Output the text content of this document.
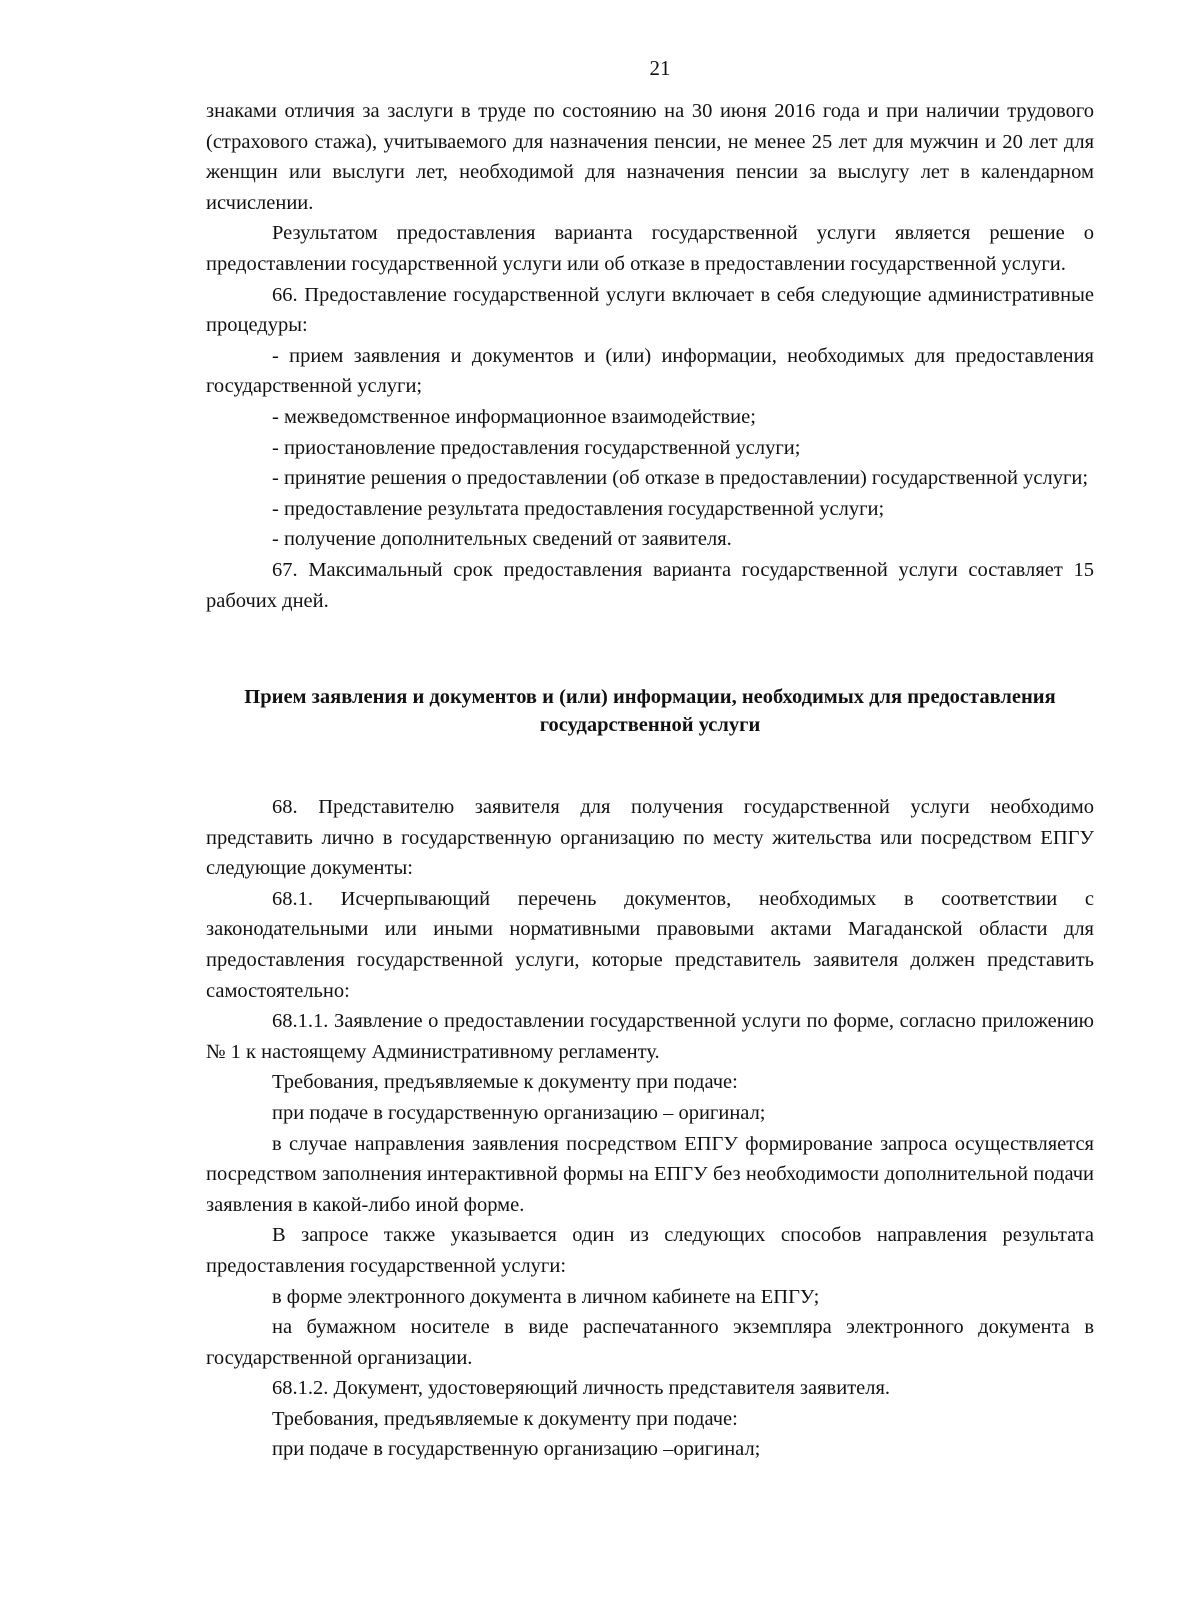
21

знаками отличия за заслуги в труде по состоянию на 30 июня 2016 года и при наличии трудового (страхового стажа), учитываемого для назначения пенсии, не менее 25 лет для мужчин и 20 лет для женщин или выслуги лет, необходимой для назначения пенсии за выслугу лет в календарном исчислении.

Результатом предоставления варианта государственной услуги является решение о предоставлении государственной услуги или об отказе в предоставлении государственной услуги.

66. Предоставление государственной услуги включает в себя следующие административные процедуры:

- прием заявления и документов и (или) информации, необходимых для предоставления государственной услуги;

- межведомственное информационное взаимодействие;

- приостановление предоставления государственной услуги;

- принятие решения о предоставлении (об отказе в предоставлении) государственной услуги;

- предоставление результата предоставления государственной услуги;

- получение дополнительных сведений от заявителя.

67. Максимальный срок предоставления варианта государственной услуги составляет 15 рабочих дней.

Прием заявления и документов и (или) информации, необходимых для предоставления государственной услуги

68. Представителю заявителя для получения государственной услуги необходимо представить лично в государственную организацию по месту жительства или посредством ЕПГУ следующие документы:

68.1. Исчерпывающий перечень документов, необходимых в соответствии с законодательными или иными нормативными правовыми актами Магаданской области для предоставления государственной услуги, которые представитель заявителя должен представить самостоятельно:

68.1.1. Заявление о предоставлении государственной услуги по форме, согласно приложению № 1 к настоящему Административному регламенту.

Требования, предъявляемые к документу при подаче:

при подаче в государственную организацию – оригинал;

в случае направления заявления посредством ЕПГУ формирование запроса осуществляется посредством заполнения интерактивной формы на ЕПГУ без необходимости дополнительной подачи заявления в какой-либо иной форме.

В запросе также указывается один из следующих способов направления результата предоставления государственной услуги:

в форме электронного документа в личном кабинете на ЕПГУ;

на бумажном носителе в виде распечатанного экземпляра электронного документа в государственной организации.

68.1.2. Документ, удостоверяющий личность представителя заявителя.

Требования, предъявляемые к документу при подаче:

при подаче в государственную организацию –оригинал;
